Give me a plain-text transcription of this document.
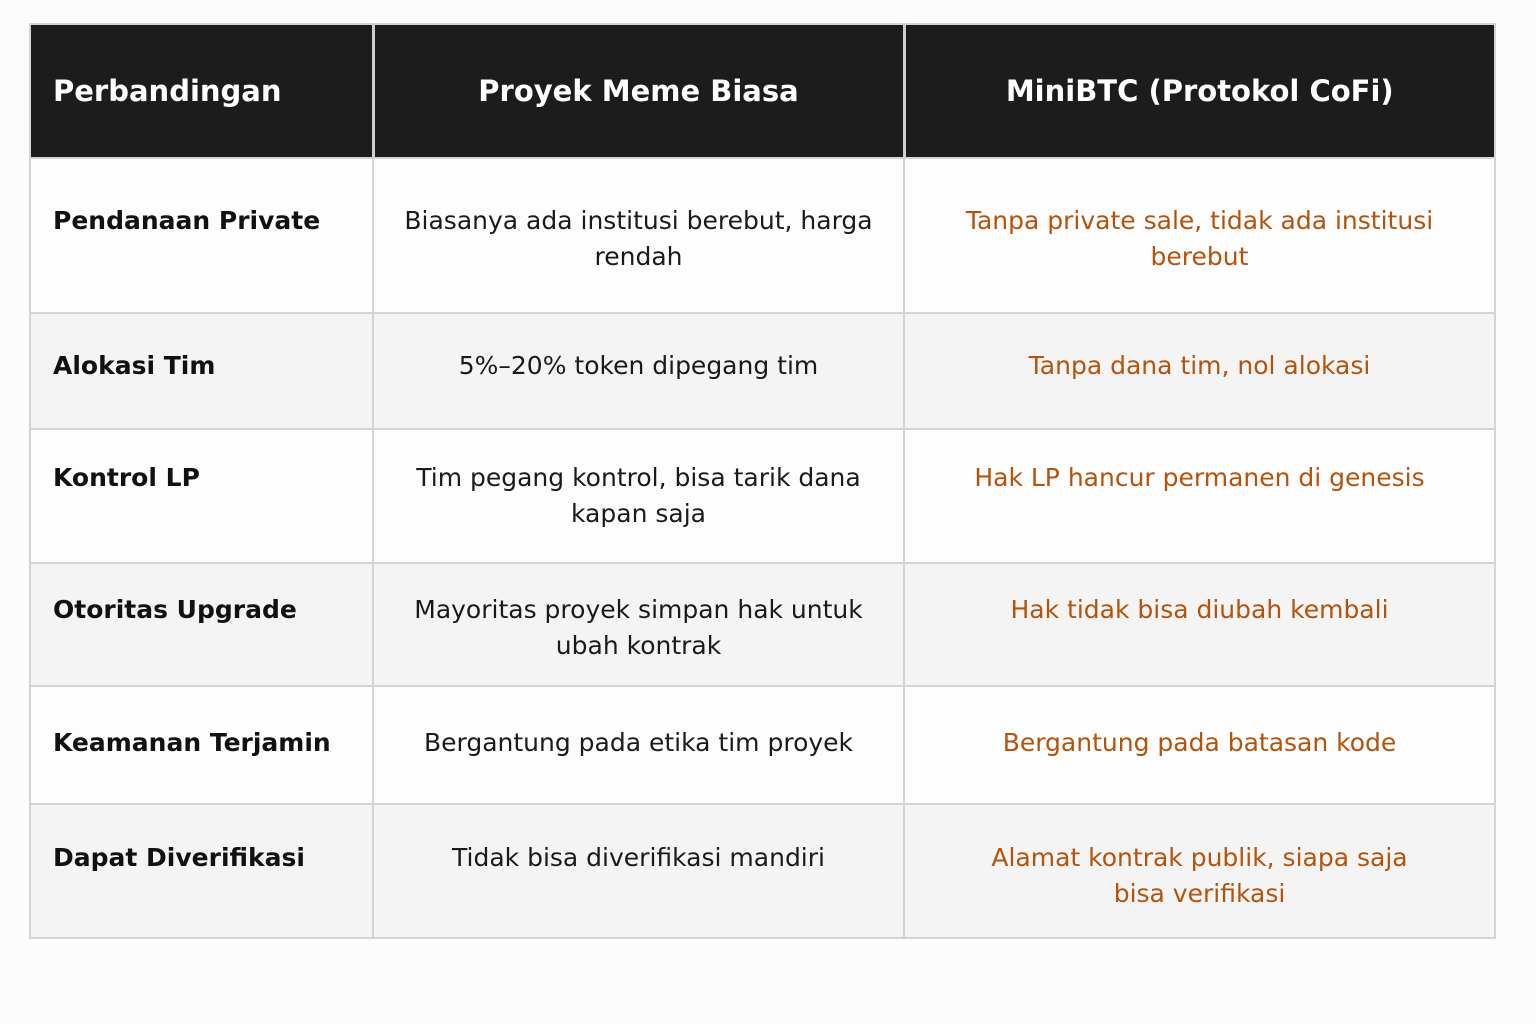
Perbandingan	Proyek Meme Biasa	MiniBTC (Protokol CoFi)
Pendanaan Private	Biasanya ada institusi berebut, harga rendah	Tanpa private sale, tidak ada institusi berebut
Alokasi Tim	5%–20% token dipegang tim	Tanpa dana tim, nol alokasi
Kontrol LP	Tim pegang kontrol, bisa tarik dana kapan saja	Hak LP hancur permanen di genesis
Otoritas Upgrade	Mayoritas proyek simpan hak untuk ubah kontrak	Hak tidak bisa diubah kembali
Keamanan Terjamin	Bergantung pada etika tim proyek	Bergantung pada batasan kode
Dapat Diverifikasi	Tidak bisa diverifikasi mandiri	Alamat kontrak publik, siapa saja bisa verifikasi
